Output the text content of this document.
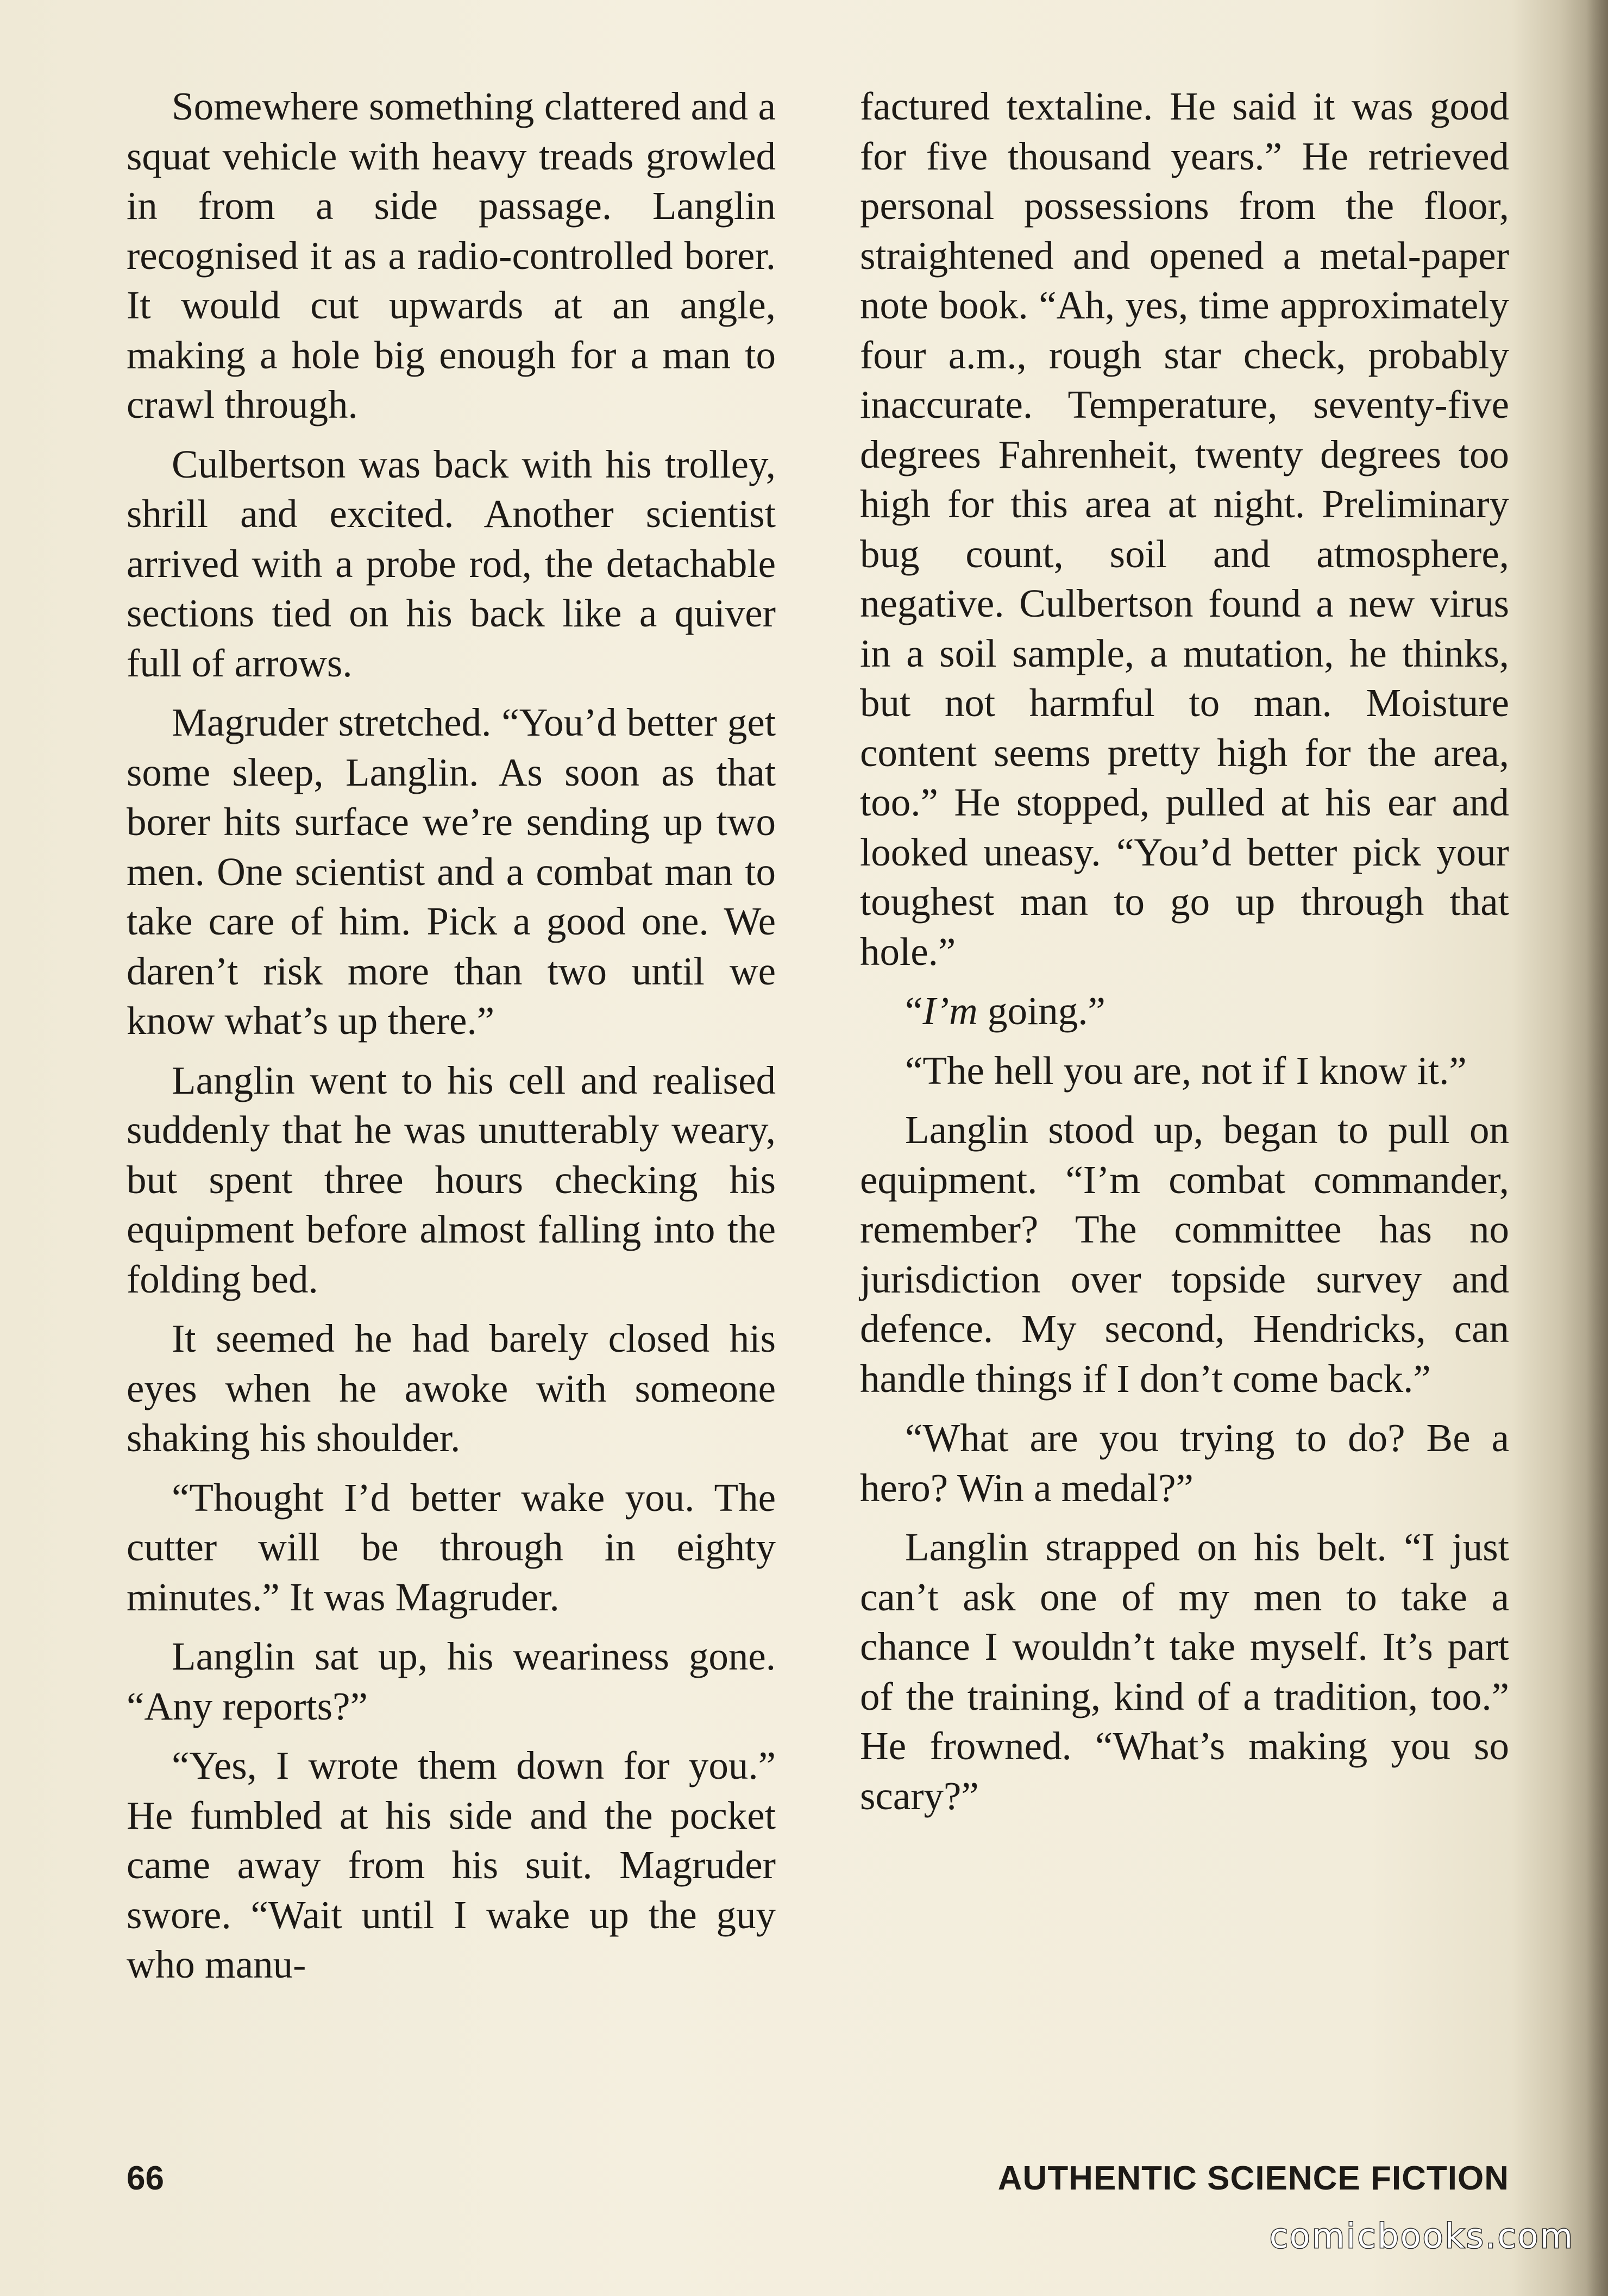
Somewhere something clattered and a squat vehicle with heavy treads growled in from a side passage. Langlin recognised it as a radio-controlled borer. It would cut upwards at an angle, making a hole big enough for a man to crawl through.

Culbertson was back with his trolley, shrill and excited. Another scientist arrived with a probe rod, the detachable sections tied on his back like a quiver full of arrows.

Magruder stretched. “You’d better get some sleep, Langlin. As soon as that borer hits surface we’re sending up two men. One scientist and a combat man to take care of him. Pick a good one. We daren’t risk more than two until we know what’s up there.”

Langlin went to his cell and realised suddenly that he was unutterably weary, but spent three hours checking his equipment before almost falling into the folding bed.

It seemed he had barely closed his eyes when he awoke with someone shaking his shoulder.

“Thought I’d better wake you. The cutter will be through in eighty minutes.” It was Magruder.

Langlin sat up, his weariness gone. “Any reports?”

“Yes, I wrote them down for you.” He fumbled at his side and the pocket came away from his suit. Magruder swore. “Wait until I wake up the guy who manu-

factured textaline. He said it was good for five thousand years.” He retrieved personal possessions from the floor, straightened and opened a metal-paper note book. “Ah, yes, time approximately four a.m., rough star check, probably inaccurate. Temperature, seventy-five degrees Fahrenheit, twenty degrees too high for this area at night. Preliminary bug count, soil and atmosphere, negative. Culbertson found a new virus in a soil sample, a mutation, he thinks, but not harmful to man. Moisture content seems pretty high for the area, too.” He stopped, pulled at his ear and looked uneasy. “You’d better pick your toughest man to go up through that hole.”

“I’m going.”

“The hell you are, not if I know it.”

Langlin stood up, began to pull on equipment. “I’m combat commander, remember? The committee has no jurisdiction over topside survey and defence. My second, Hendricks, can handle things if I don’t come back.”

“What are you trying to do? Be a hero? Win a medal?”

Langlin strapped on his belt. “I just can’t ask one of my men to take a chance I wouldn’t take myself. It’s part of the training, kind of a tradition, too.” He frowned. “What’s making you so scary?”

66	AUTHENTIC SCIENCE FICTION
comicbooks.com
